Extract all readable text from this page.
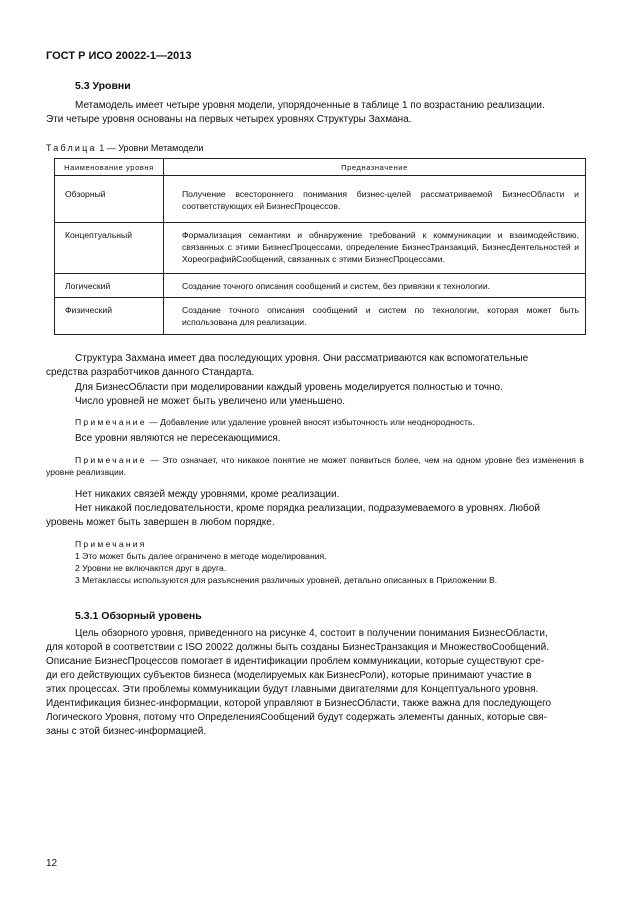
ГОСТ Р ИСО 20022-1—2013
5.3 Уровни
Метамодель имеет четыре уровня модели, упорядоченные в таблице 1 по возрастанию реализации.
Эти четыре уровня основаны на первых четырех уровнях Структуры Захмана.
Таблица 1 — Уровни Метамодели
Наименование уровня	Предназначение

Обзорный	Получение всестороннего понимания бизнес-целей рассматриваемой БизнесОбласти и соответствующих ей БизнесПроцессов.
Концептуальный	Формализация семантики и обнаружение требований к коммуникации и взаимодействию, связанных с этими БизнесПроцессами, определение БизнесТранзакций, БизнесДеятельностей и ХореографийСообщений, связанных с этими БизнесПроцессами.
Логический	Создание точного описания сообщений и систем, без привязки к технологии.
Физический	Создание точного описания сообщений и систем по технологии, которая может быть использована для реализации.
Структура Захмана имеет два последующих уровня. Они рассматриваются как вспомогательные
средства разработчиков данного Стандарта.
Для БизнесОбласти при моделировании каждый уровень моделируется полностью и точно.
Число уровней не может быть увеличено или уменьшено.
Примечание — Добавление или удаление уровней вносят избыточность или неоднородность.
Все уровни являются не пересекающимися.
Примечание — Это означает, что никакое понятие не может появиться более, чем на одном уровне без изменения в уровне реализации.
Нет никаких связей между уровнями, кроме реализации.
Нет никакой последовательности, кроме порядка реализации, подразумеваемого в уровнях. Любой
уровень может быть завершен в любом порядке.
Примечания
1 Это может быть далее ограничено в методе моделирования.
2 Уровни не включаются друг в друга.
3 Метаклассы используются для разъяснения различных уровней, детально описанных в Приложении B.
5.3.1 Обзорный уровень
Цель обзорного уровня, приведенного на рисунке 4, состоит в получении понимания БизнесОбласти,
для которой в соответствии с ISO 20022 должны быть созданы БизнесТранзакция и МножествоСообщений.
Описание БизнесПроцессов помогает в идентификации проблем коммуникации, которые существуют сре-
ди его действующих субъектов бизнеса (моделируемых как БизнесРоли), которые принимают участие в
этих процессах. Эти проблемы коммуникации будут главными двигателями для Концептуального уровня.
Идентификация бизнес-информации, которой управляют в БизнесОбласти, также важна для последующего
Логического Уровня, потому что ОпределенияСообщений будут содержать элементы данных, которые свя-
заны с этой бизнес-информацией.
12
